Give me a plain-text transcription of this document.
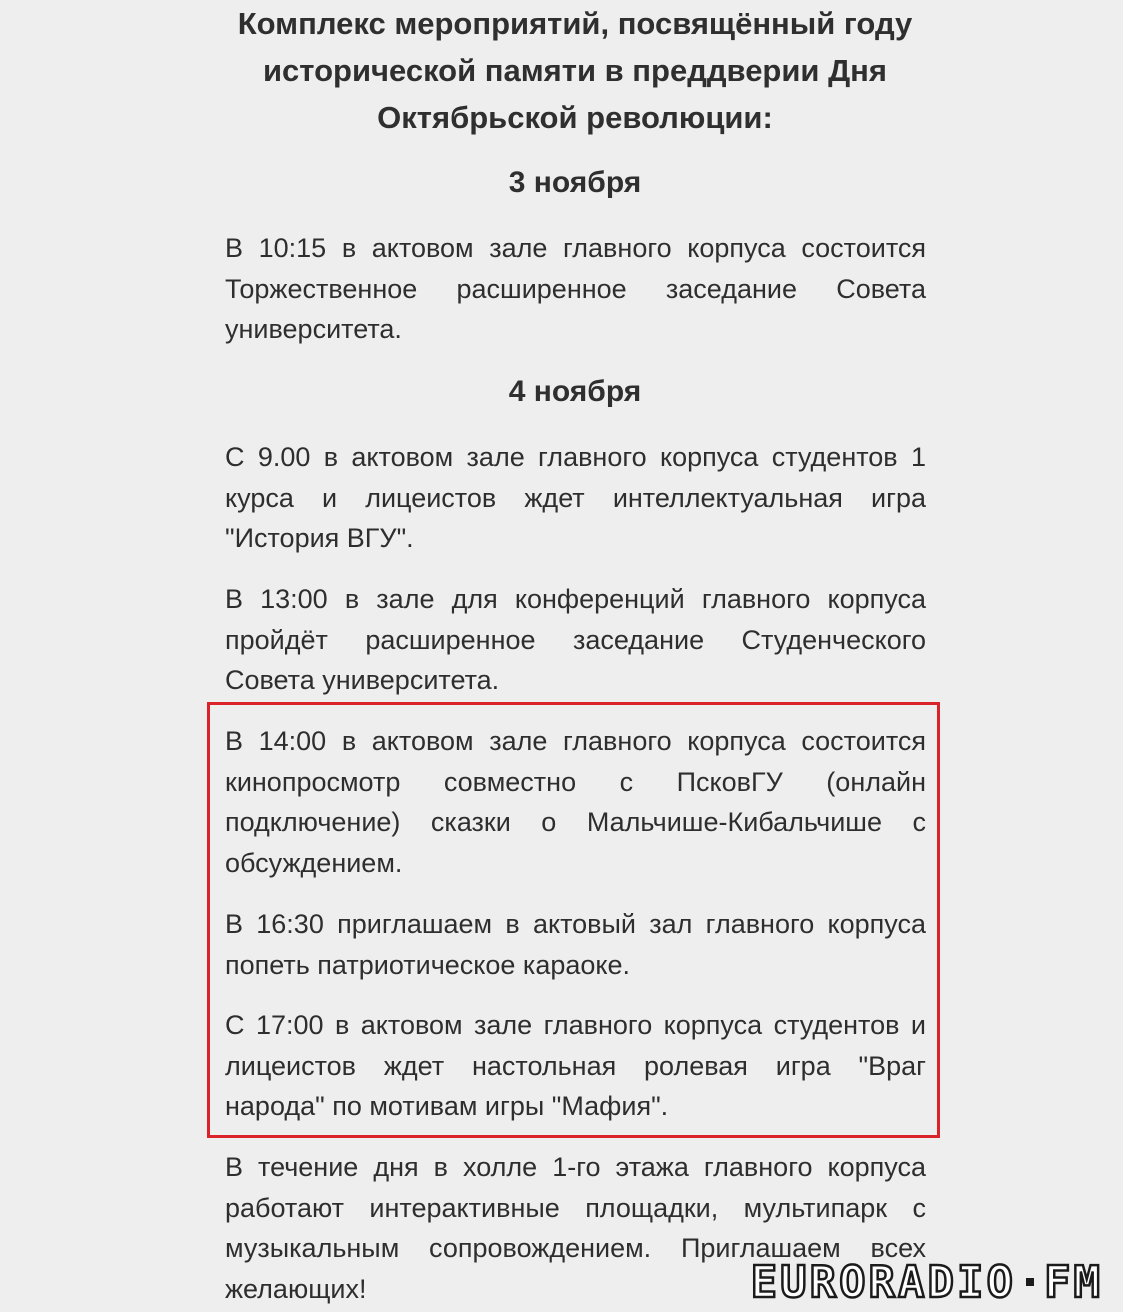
Комплекс мероприятий, посвящённый году исторической памяти в преддверии Дня Октябрьской революции:
3 ноября

В 10:15 в актовом зале главного корпуса состоится Торжественное расширенное заседание Совета университета.

4 ноября

С 9.00 в актовом зале главного корпуса студентов 1 курса и лицеистов ждет интеллектуальная игра "История ВГУ".

В 13:00 в зале для конференций главного корпуса пройдёт расширенное заседание Студенческого Совета университета.

В 14:00 в актовом зале главного корпуса состоится кинопросмотр совместно с ПсковГУ (онлайн подключение) сказки о Мальчише-Кибальчише с обсуждением.

В 16:30 приглашаем в актовый зал главного корпуса попеть патриотическое караоке.

С 17:00 в актовом зале главного корпуса студентов и лицеистов ждет настольная ролевая игра "Враг народа" по мотивам игры "Мафия".

В течение дня в холле 1-го этажа главного корпуса работают интерактивные площадки, мультипарк с музыкальным сопровождением. Приглашаем всех желающих!	EURORADIO FM
